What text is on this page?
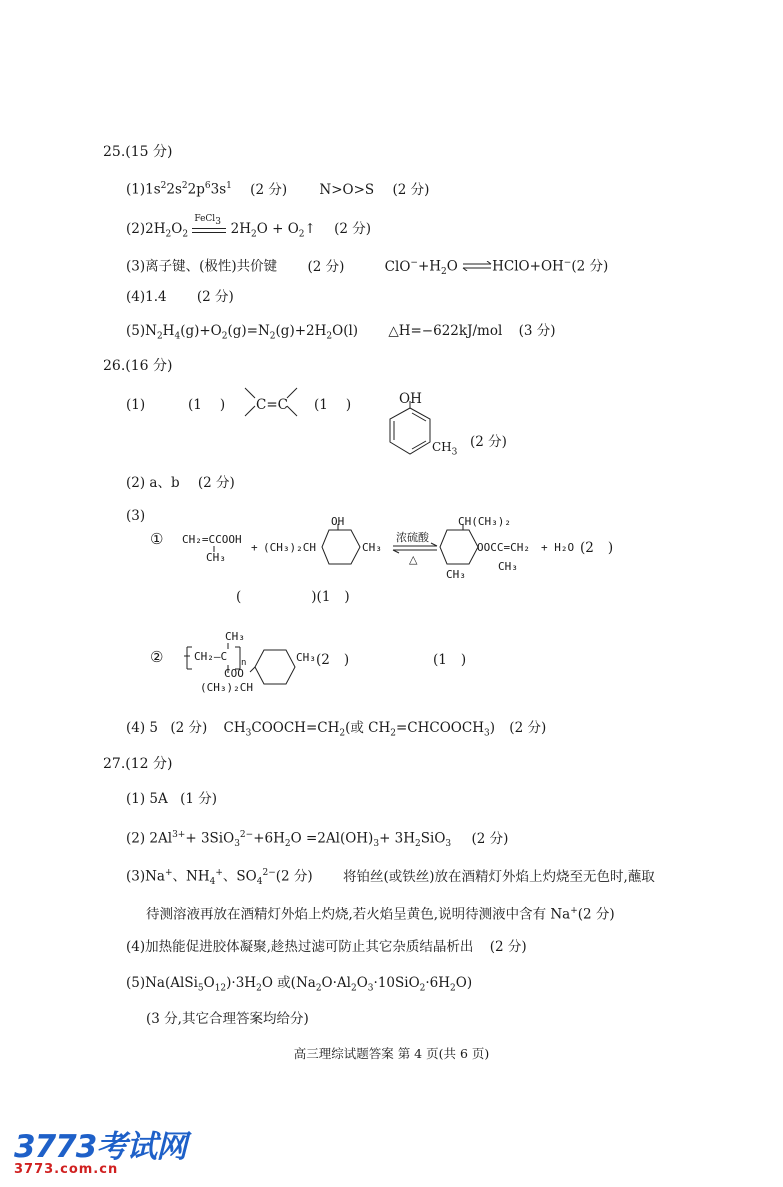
25.(15 分)
$(1)1s^22s^22p^63s^1$ (2 分) N>O>S (2 分)
$(2)2H_2O_2$
FeCl$_3$ $2H_2O$ + $O_2↑$ (2 分)
(3)离子键、(极性)共价键 (2 分)	$ClO^-+H_2O$ ⇌HClO+OH−(2 分)
(4)1.4 (2 分)
$(5)N_2H_4(g)+O_2(g)=N_2(g)+2H_2O(l)$ △H=−622kJ/mol (3 分)
26.(16 分)
(1)	(1 ) C=C (1 )	OH
$CH_3$
(2 分)
(2) a、b (2 分)
(3)
① CH₂=CCOOH
CH₃
+ (CH₃)₂CH
OH
CH₃
浓硫酸
△
CH(CH₃)₂
OOCC=CH₂
CH₃
CH₃
+ H₂O (2 )
(	)(1 )
②
CH₃
CH₂—C n
COO
(CH₃)₂CH
CH₃ (2 )	(1 )
(4) 5 (2 分) $CH_3COOCH=CH_2$(或 $CH_2=CHCOOCH_3$) (2 分)
27.(12 分)
(1) 5A (1 分)
(2) $2Al^{3+}+ 3SiO_3^{2-}+6H_2O =2Al(OH)_3+ 3H_2SiO_3$ (2 分)
(3)Na+、$NH_4^+$、$SO_4^{2-}(2$ 分) 将铂丝(或铁丝)放在酒精灯外焰上灼烧至无色时,蘸取
待测溶液再放在酒精灯外焰上灼烧,若火焰呈黄色,说明待测液中含有 Na+(2 分)
(4)加热能促进胶体凝聚,趁热过滤可防止其它杂质结晶析出 (2 分)
$(5)Na(AlSi_5O_{12})\cdot 3H_2O$ 或$(Na_2O\cdot Al_2O_3\cdot 10SiO_2\cdot 6H_2O)$
(3 分,其它合理答案均给分)
高三理综试题答案 第 4 页(共 6 页)
3773考试网
3773.com.cn
